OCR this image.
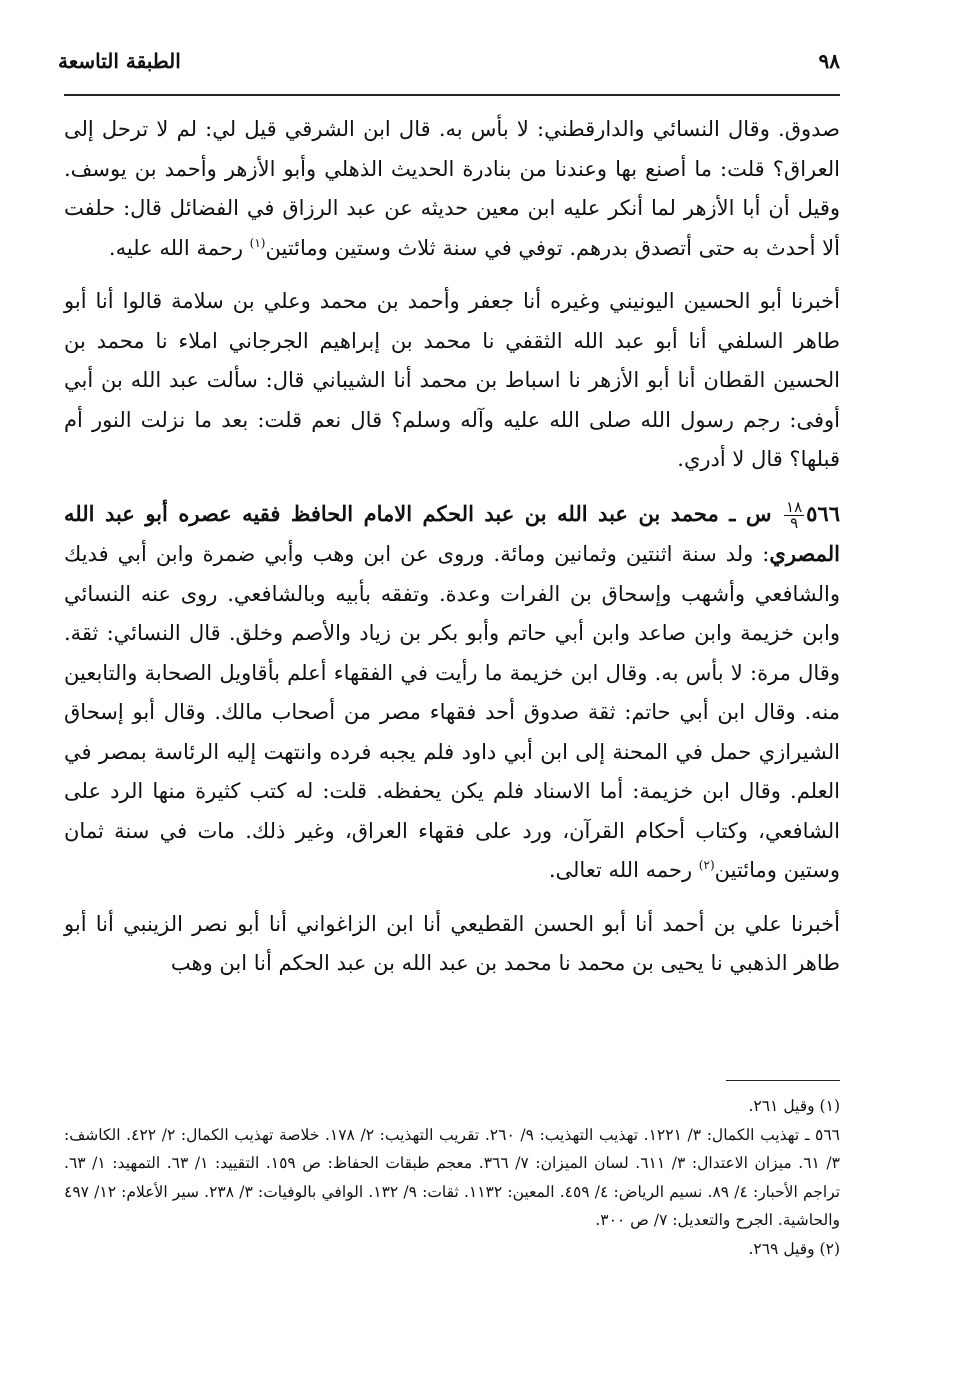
٩٨
الطبقة التاسعة

صدوق. وقال النسائي والدارقطني: لا بأس به. قال ابن الشرقي قيل لي: لم لا ترحل إلى العراق؟ قلت: ما أصنع بها وعندنا من بنادرة الحديث الذهلي وأبو الأزهر وأحمد بن يوسف. وقيل أن أبا الأزهر لما أنكر عليه ابن معين حديثه عن عبد الرزاق في الفضائل قال: حلفت ألا أحدث به حتى أتصدق بدرهم. توفي في سنة ثلاث وستين ومائتين$^{(١)}$ رحمة الله عليه.

أخبرنا أبو الحسين اليونيني وغيره أنا جعفر وأحمد بن محمد وعلي بن سلامة قالوا أنا أبو طاهر السلفي أنا أبو عبد الله الثقفي نا محمد بن إبراهيم الجرجاني املاء نا محمد بن الحسين القطان أنا أبو الأزهر نا اسباط بن محمد أنا الشيباني قال: سألت عبد الله بن أبي أوفى: رجم رسول الله صلى الله عليه وآله وسلم؟ قال نعم قلت: بعد ما نزلت النور أم قبلها؟ قال لا أدري.

٥٦٦
$\frac{١٨}{٩}$
س ـ محمد بن عبد الله بن عبد الحكم الامام الحافظ فقيه عصره أبو عبد الله المصري: ولد سنة اثنتين وثمانين ومائة. وروى عن ابن وهب وأبي ضمرة وابن أبي فديك والشافعي وأشهب وإسحاق بن الفرات وعدة. وتفقه بأبيه وبالشافعي. روى عنه النسائي وابن خزيمة وابن صاعد وابن أبي حاتم وأبو بكر بن زياد والأصم وخلق. قال النسائي: ثقة. وقال مرة: لا بأس به. وقال ابن خزيمة ما رأيت في الفقهاء أعلم بأقاويل الصحابة والتابعين منه. وقال ابن أبي حاتم: ثقة صدوق أحد فقهاء مصر من أصحاب مالك. وقال أبو إسحاق الشيرازي حمل في المحنة إلى ابن أبي داود فلم يجبه فرده وانتهت إليه الرئاسة بمصر في العلم. وقال ابن خزيمة: أما الاسناد فلم يكن يحفظه. قلت: له كتب كثيرة منها الرد على الشافعي، وكتاب أحكام القرآن، ورد على فقهاء العراق، وغير ذلك. مات في سنة ثمان وستين ومائتين$^{(٢)}$ رحمه الله تعالى.

أخبرنا علي بن أحمد أنا أبو الحسن القطيعي أنا ابن الزاغواني أنا أبو نصر الزينبي أنا أبو طاهر الذهبي نا يحيى بن محمد نا محمد بن عبد الله بن عبد الحكم أنا ابن وهب

(١) وقيل ٢٦١.

٥٦٦ ـ تهذيب الكمال: ٣/ ١٢٢١. تهذيب التهذيب: ٩/ ٢٦٠. تقريب التهذيب: ٢/ ١٧٨. خلاصة تهذيب الكمال: ٢/ ٤٢٢. الكاشف: ٣/ ٦١. ميزان الاعتدال: ٣/ ٦١١. لسان الميزان: ٧/ ٣٦٦. معجم طبقات الحفاظ: ص ١٥٩. التقييد: ١/ ٦٣. التمهيد: ١/ ٦٣. تراجم الأحبار: ٤/ ٨٩. نسيم الرياض: ٤/ ٤٥٩. المعين: ١١٣٢. ثقات: ٩/ ١٣٢. الوافي بالوفيات: ٣/ ٢٣٨. سير الأعلام: ١٢/ ٤٩٧ والحاشية. الجرح والتعديل: ٧/ ص ٣٠٠.

(٢) وقيل ٢٦٩.
